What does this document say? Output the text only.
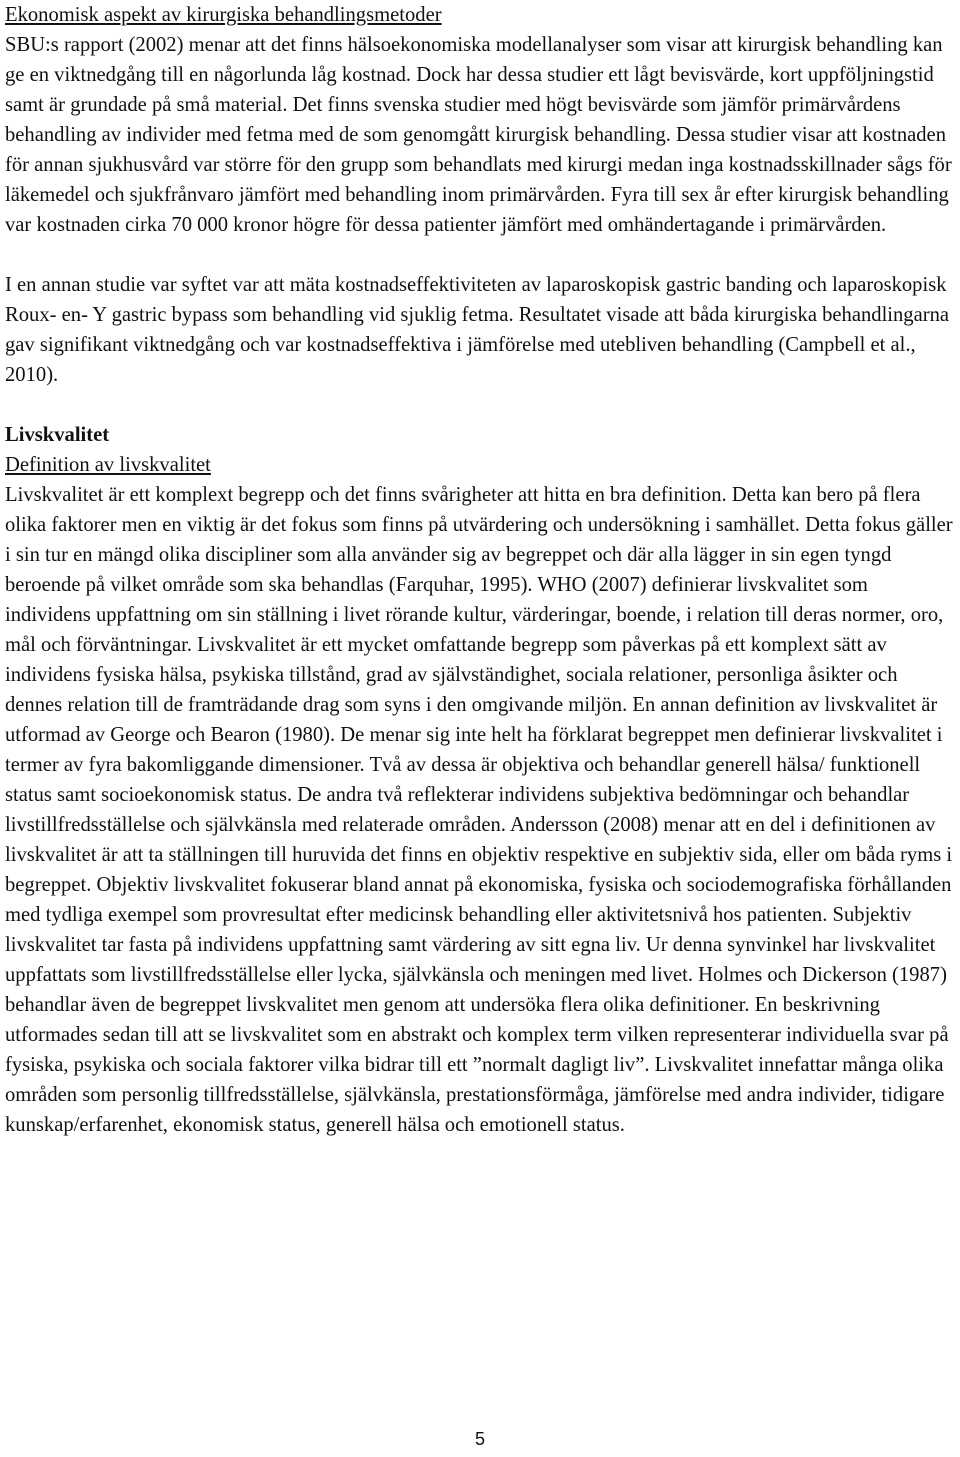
Ekonomisk aspekt av kirurgiska behandlingsmetoder

SBU:s rapport (2002) menar att det finns hälsoekonomiska modellanalyser som visar att kirurgisk behandling kan ge en viktnedgång till en någorlunda låg kostnad. Dock har dessa studier ett lågt bevisvärde, kort uppföljningstid samt är grundade på små material. Det finns svenska studier med högt bevisvärde som jämför primärvårdens behandling av individer med fetma med de som genomgått kirurgisk behandling. Dessa studier visar att kostnaden för annan sjukhusvård var större för den grupp som behandlats med kirurgi medan inga kostnadsskillnader sågs för läkemedel och sjukfrånvaro jämfört med behandling inom primärvården. Fyra till sex år efter kirurgisk behandling var kostnaden cirka 70 000 kronor högre för dessa patienter jämfört med omhändertagande i primärvården.

I en annan studie var syftet var att mäta kostnadseffektiviteten av laparoskopisk gastric banding och laparoskopisk Roux- en- Y gastric bypass som behandling vid sjuklig fetma. Resultatet visade att båda kirurgiska behandlingarna gav signifikant viktnedgång och var kostnadseffektiva i jämförelse med utebliven behandling (Campbell et al., 2010).

Livskvalitet
Definition av livskvalitet

Livskvalitet är ett komplext begrepp och det finns svårigheter att hitta en bra definition. Detta kan bero på flera olika faktorer men en viktig är det fokus som finns på utvärdering och undersökning i samhället. Detta fokus gäller i sin tur en mängd olika discipliner som alla använder sig av begreppet och där alla lägger in sin egen tyngd beroende på vilket område som ska behandlas (Farquhar, 1995). WHO (2007) definierar livskvalitet som individens uppfattning om sin ställning i livet rörande kultur, värderingar, boende, i relation till deras normer, oro, mål och förväntningar. Livskvalitet är ett mycket omfattande begrepp som påverkas på ett komplext sätt av individens fysiska hälsa, psykiska tillstånd, grad av självständighet, sociala relationer, personliga åsikter och dennes relation till de framträdande drag som syns i den omgivande miljön. En annan definition av livskvalitet är utformad av George och Bearon (1980). De menar sig inte helt ha förklarat begreppet men definierar livskvalitet i termer av fyra bakomliggande dimensioner. Två av dessa är objektiva och behandlar generell hälsa/ funktionell status samt socioekonomisk status. De andra två reflekterar individens subjektiva bedömningar och behandlar livstillfredsställelse och självkänsla med relaterade områden. Andersson (2008) menar att en del i definitionen av livskvalitet är att ta ställningen till huruvida det finns en objektiv respektive en subjektiv sida, eller om båda ryms i begreppet. Objektiv livskvalitet fokuserar bland annat på ekonomiska, fysiska och sociodemografiska förhållanden med tydliga exempel som provresultat efter medicinsk behandling eller aktivitetsnivå hos patienten. Subjektiv livskvalitet tar fasta på individens uppfattning samt värdering av sitt egna liv. Ur denna synvinkel har livskvalitet uppfattats som livstillfredsställelse eller lycka, självkänsla och meningen med livet. Holmes och Dickerson (1987) behandlar även de begreppet livskvalitet men genom att undersöka flera olika definitioner. En beskrivning utformades sedan till att se livskvalitet som en abstrakt och komplex term vilken representerar individuella svar på fysiska, psykiska och sociala faktorer vilka bidrar till ett ”normalt dagligt liv”. Livskvalitet innefattar många olika områden som personlig tillfredsställelse, självkänsla, prestationsförmåga, jämförelse med andra individer, tidigare kunskap/erfarenhet, ekonomisk status, generell hälsa och emotionell status.

5
